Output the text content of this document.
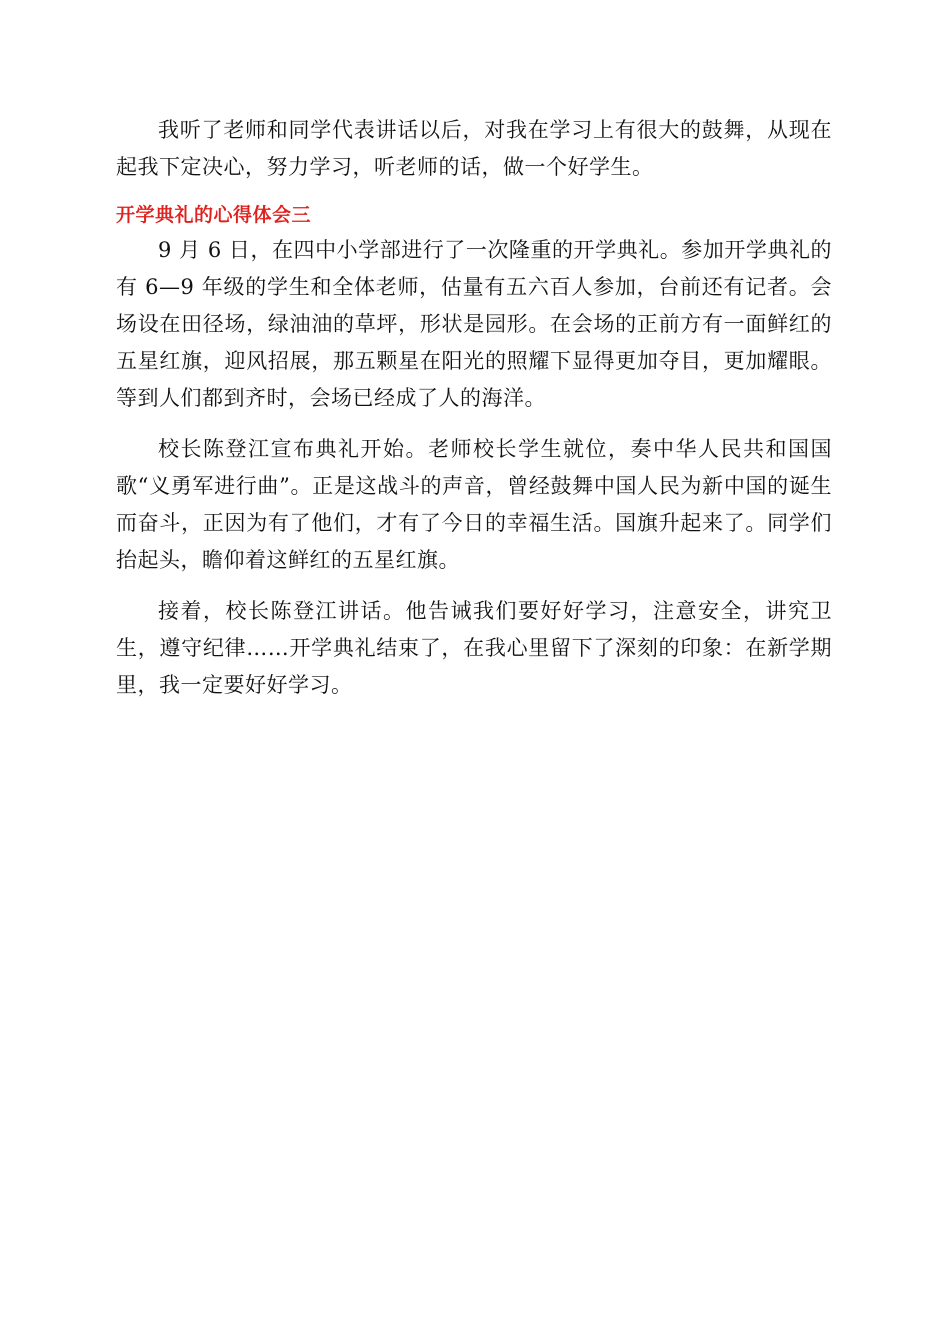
我听了老师和同学代表讲话以后，对我在学习上有很大的鼓舞，从现在起我下定决心，努力学习，听老师的话，做一个好学生。

开学典礼的心得体会三

9 月 6 日，在四中小学部进行了一次隆重的开学典礼。参加开学典礼的有 6—9 年级的学生和全体老师，估量有五六百人参加，台前还有记者。会场设在田径场，绿油油的草坪，形状是园形。在会场的正前方有一面鲜红的五星红旗，迎风招展，那五颗星在阳光的照耀下显得更加夺目，更加耀眼。等到人们都到齐时，会场已经成了人的海洋。

校长陈登江宣布典礼开始。老师校长学生就位，奏中华人民共和国国歌“义勇军进行曲”。正是这战斗的声音，曾经鼓舞中国人民为新中国的诞生而奋斗，正因为有了他们，才有了今日的幸福生活。国旗升起来了。同学们抬起头，瞻仰着这鲜红的五星红旗。

接着，校长陈登江讲话。他告诫我们要好好学习，注意安全，讲究卫生，遵守纪律……开学典礼结束了，在我心里留下了深刻的印象：在新学期里，我一定要好好学习。
